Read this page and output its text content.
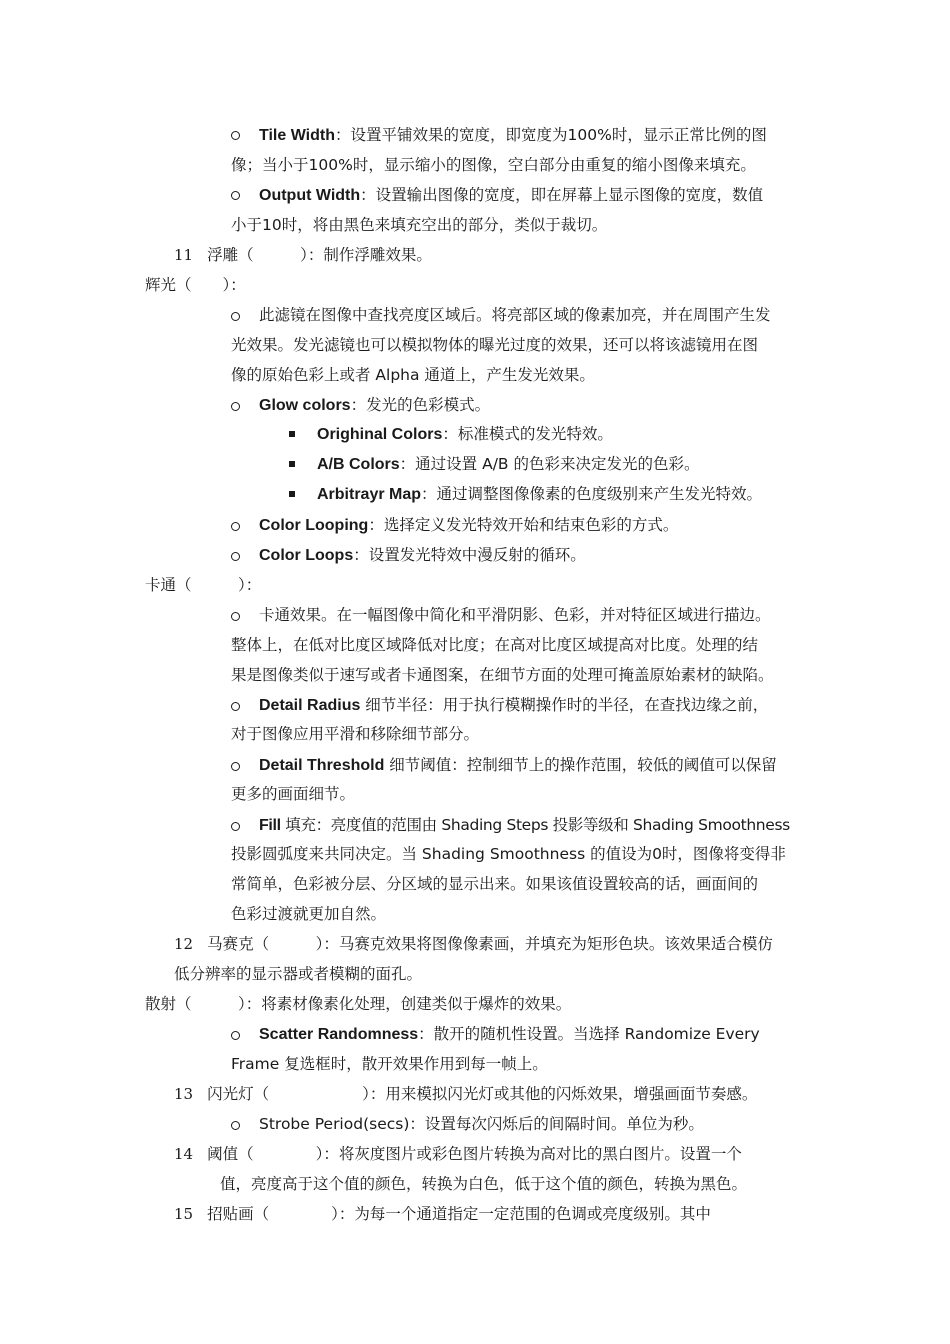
Tile Width：设置平铺效果的宽度，即宽度为100%时，显示正常比例的图
像；当小于100%时，显示缩小的图像，空白部分由重复的缩小图像来填充。
Output Width：设置输出图像的宽度，即在屏幕上显示图像的宽度，数值
小于10时，将由黑色来填充空出的部分，类似于裁切。
11 浮雕（　　　）：制作浮雕效果。
辉光（　　）：
此滤镜在图像中查找亮度区域后。将亮部区域的像素加亮，并在周围产生发
光效果。发光滤镜也可以模拟物体的曝光过度的效果，还可以将该滤镜用在图
像的原始色彩上或者 Alpha 通道上，产生发光效果。
Glow colors：发光的色彩模式。
Orighinal Colors：标准模式的发光特效。
A/B Colors：通过设置 A/B 的色彩来决定发光的色彩。
Arbitrayr Map：通过调整图像像素的色度级别来产生发光特效。
Color Looping：选择定义发光特效开始和结束色彩的方式。
Color Loops：设置发光特效中漫反射的循环。
卡通（　　　）：
卡通效果。在一幅图像中简化和平滑阴影、色彩，并对特征区域进行描边。
整体上，在低对比度区域降低对比度；在高对比度区域提高对比度。处理的结
果是图像类似于速写或者卡通图案，在细节方面的处理可掩盖原始素材的缺陷。
Detail Radius 细节半径：用于执行模糊操作时的半径，在查找边缘之前，
对于图像应用平滑和移除细节部分。
Detail Threshold 细节阈值：控制细节上的操作范围，较低的阈值可以保留
更多的画面细节。
Fill 填充：亮度值的范围由 Shading Steps 投影等级和 Shading Smoothness
投影圆弧度来共同决定。当 Shading Smoothness 的值设为0时，图像将变得非
常简单，色彩被分层、分区域的显示出来。如果该值设置较高的话，画面间的
色彩过渡就更加自然。
12 马赛克（　　　）：马赛克效果将图像像素画，并填充为矩形色块。该效果适合模仿
低分辨率的显示器或者模糊的面孔。
散射（　　　）：将素材像素化处理，创建类似于爆炸的效果。
Scatter Randomness：散开的随机性设置。当选择 Randomize Every
Frame 复选框时，散开效果作用到每一帧上。
13 闪光灯（　　　　　　）：用来模拟闪光灯或其他的闪烁效果，增强画面节奏感。
Strobe Period(secs)：设置每次闪烁后的间隔时间。单位为秒。
14 阈值（　　　　）：将灰度图片或彩色图片转换为高对比的黑白图片。设置一个
值，亮度高于这个值的颜色，转换为白色，低于这个值的颜色，转换为黑色。
15 招贴画（　　　　）：为每一个通道指定一定范围的色调或亮度级别。其中
